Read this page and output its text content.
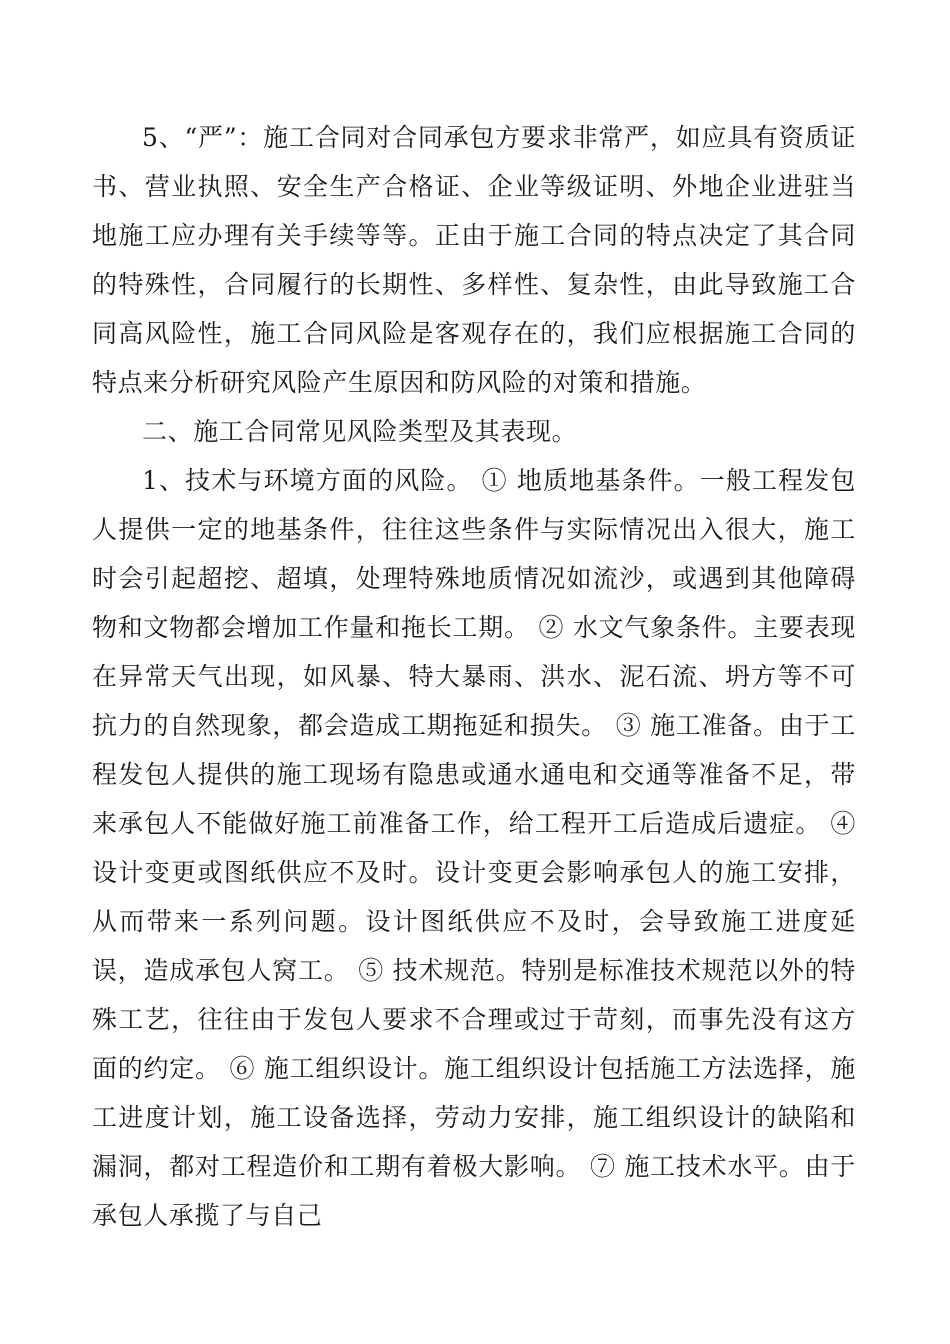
5、“严”：施工合同对合同承包方要求非常严，如应具有资质证书、营业执照、安全生产合格证、企业等级证明、外地企业进驻当地施工应办理有关手续等等。正由于施工合同的特点决定了其合同的特殊性，合同履行的长期性、多样性、复杂性，由此导致施工合同高风险性，施工合同风险是客观存在的，我们应根据施工合同的特点来分析研究风险产生原因和防风险的对策和措施。

二、施工合同常见风险类型及其表现。

1、技术与环境方面的风险。 ① 地质地基条件。一般工程发包人提供一定的地基条件，往往这些条件与实际情况出入很大，施工时会引起超挖、超填，处理特殊地质情况如流沙，或遇到其他障碍物和文物都会增加工作量和拖长工期。 ② 水文气象条件。主要表现在异常天气出现，如风暴、特大暴雨、洪水、泥石流、坍方等不可抗力的自然现象，都会造成工期拖延和损失。 ③ 施工准备。由于工程发包人提供的施工现场有隐患或通水通电和交通等准备不足，带来承包人不能做好施工前准备工作，给工程开工后造成后遗症。 ④ 设计变更或图纸供应不及时。设计变更会影响承包人的施工安排，从而带来一系列问题。设计图纸供应不及时，会导致施工进度延误，造成承包人窝工。 ⑤ 技术规范。特别是标准技术规范以外的特殊工艺，往往由于发包人要求不合理或过于苛刻，而事先没有这方面的约定。 ⑥ 施工组织设计。施工组织设计包括施工方法选择，施工进度计划，施工设备选择，劳动力安排，施工组织设计的缺陷和漏洞，都对工程造价和工期有着极大影响。 ⑦ 施工技术水平。由于承包人承揽了与自己
